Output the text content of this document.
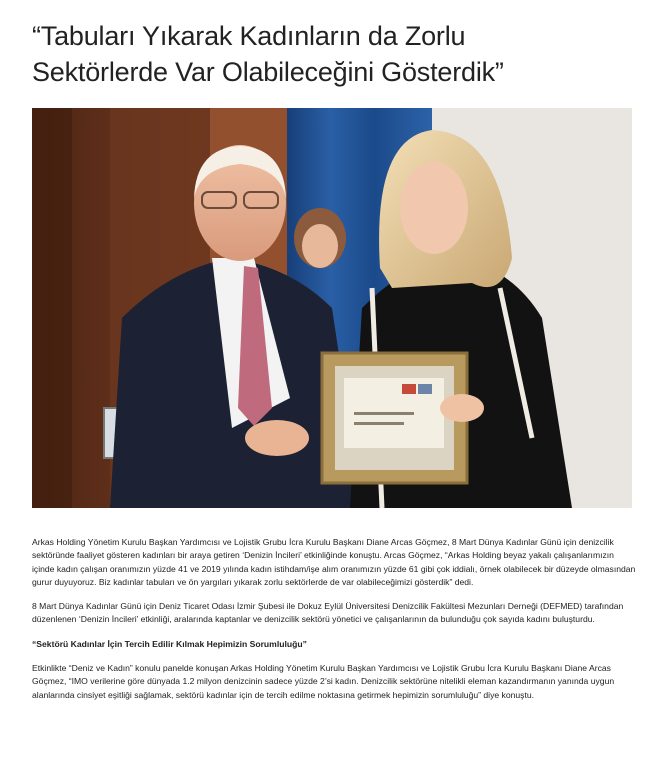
“Tabuları Yıkarak Kadınların da Zorlu
Sektörlerde Var Olabileceğini Gösterdik”

Arkas Holding Yönetim Kurulu Başkan Yardımcısı ve Lojistik Grubu İcra Kurulu Başkanı Diane Arcas Göçmez, 8 Mart Dünya Kadınlar Günü için denizcilik sektöründe faaliyet gösteren kadınları bir araya getiren ‘Denizin İncileri’ etkinliğinde konuştu. Arcas Göçmez, “Arkas Holding beyaz yakalı çalışanlarımızın içinde kadın çalışan oranımızın yüzde 41 ve 2019 yılında kadın istihdam/işe alım oranımızın yüzde 61 gibi çok iddialı, örnek olabilecek bir düzeyde olmasından gurur duyuyoruz. Biz kadınlar tabuları ve ön yargıları yıkarak zorlu sektörlerde de var olabileceğimizi gösterdik” dedi.

8 Mart Dünya Kadınlar Günü için Deniz Ticaret Odası İzmir Şubesi ile Dokuz Eylül Üniversitesi Denizcilik Fakültesi Mezunları Derneği (DEFMED) tarafından düzenlenen ‘Denizin İncileri’ etkinliği, aralarında kaptanlar ve denizcilik sektörü yönetici ve çalışanlarının da bulunduğu çok sayıda kadını buluşturdu.

“Sektörü Kadınlar İçin Tercih Edilir Kılmak Hepimizin Sorumluluğu”

Etkinlikte “Deniz ve Kadın” konulu panelde konuşan Arkas Holding Yönetim Kurulu Başkan Yardımcısı ve Lojistik Grubu İcra Kurulu Başkanı Diane Arcas Göçmez, “IMO verilerine göre dünyada 1.2 milyon denizcinin sadece yüzde 2’si kadın. Denizcilik sektörüne nitelikli eleman kazandırmanın yanında uygun alanlarında cinsiyet eşitliği sağlamak, sektörü kadınlar için de tercih edilme noktasına getirmek hepimizin sorumluluğu” diye konuştu.
